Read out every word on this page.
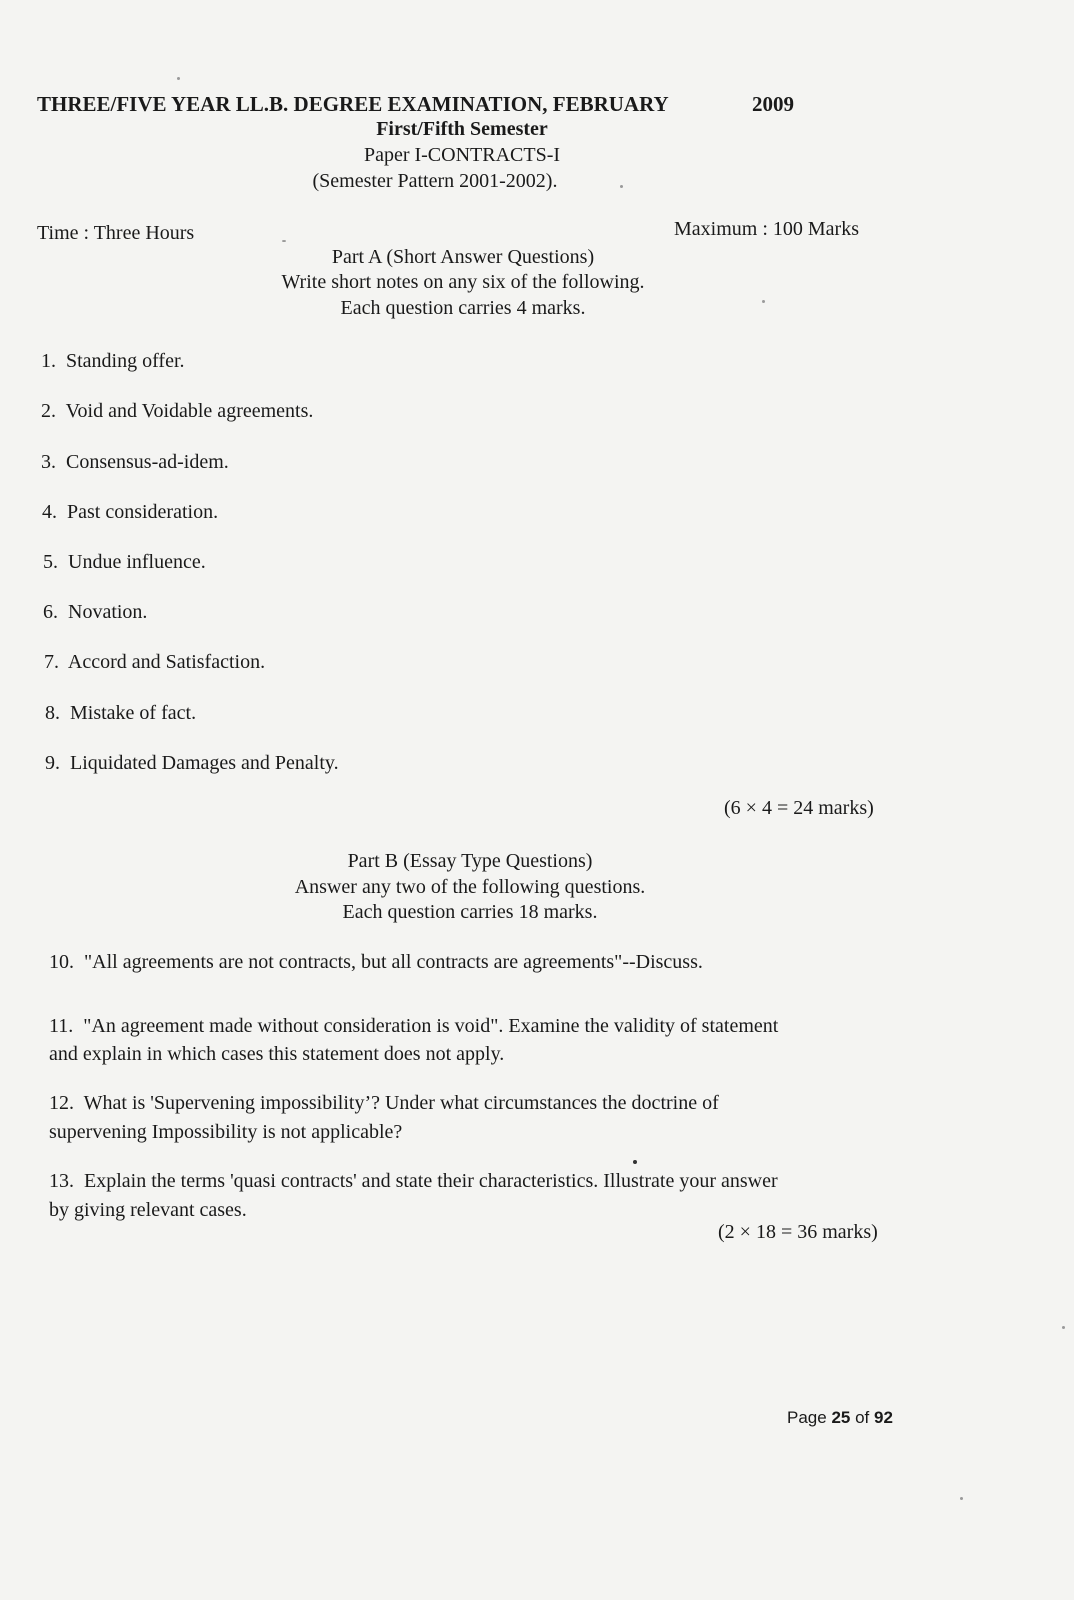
THREE/FIVE YEAR LL.B. DEGREE EXAMINATION, FEBRUARY	2009
First/Fifth Semester
Paper I-CONTRACTS-I
(Semester Pattern 2001-2002).
Time : Three Hours	Maximum : 100 Marks
Part A (Short Answer Questions)
Write short notes on any six of the following.
Each question carries 4 marks.
1. Standing offer.
2. Void and Voidable agreements.
3. Consensus-ad-idem.
4. Past consideration.
5. Undue influence.
6. Novation.
7. Accord and Satisfaction.
8. Mistake of fact.
9. Liquidated Damages and Penalty.
(6 × 4 = 24 marks)
Part B (Essay Type Questions)
Answer any two of the following questions.
Each question carries 18 marks.
10. "All agreements are not contracts, but all contracts are agreements"--Discuss.
11. "An agreement made without consideration is void". Examine the validity of statement
and explain in which cases this statement does not apply.
12. What is 'Supervening impossibility’? Under what circumstances the doctrine of
supervening Impossibility is not applicable?
13. Explain the terms 'quasi contracts' and state their characteristics. Illustrate your answer
by giving relevant cases.
(2 × 18 = 36 marks)
Page 25 of 92
